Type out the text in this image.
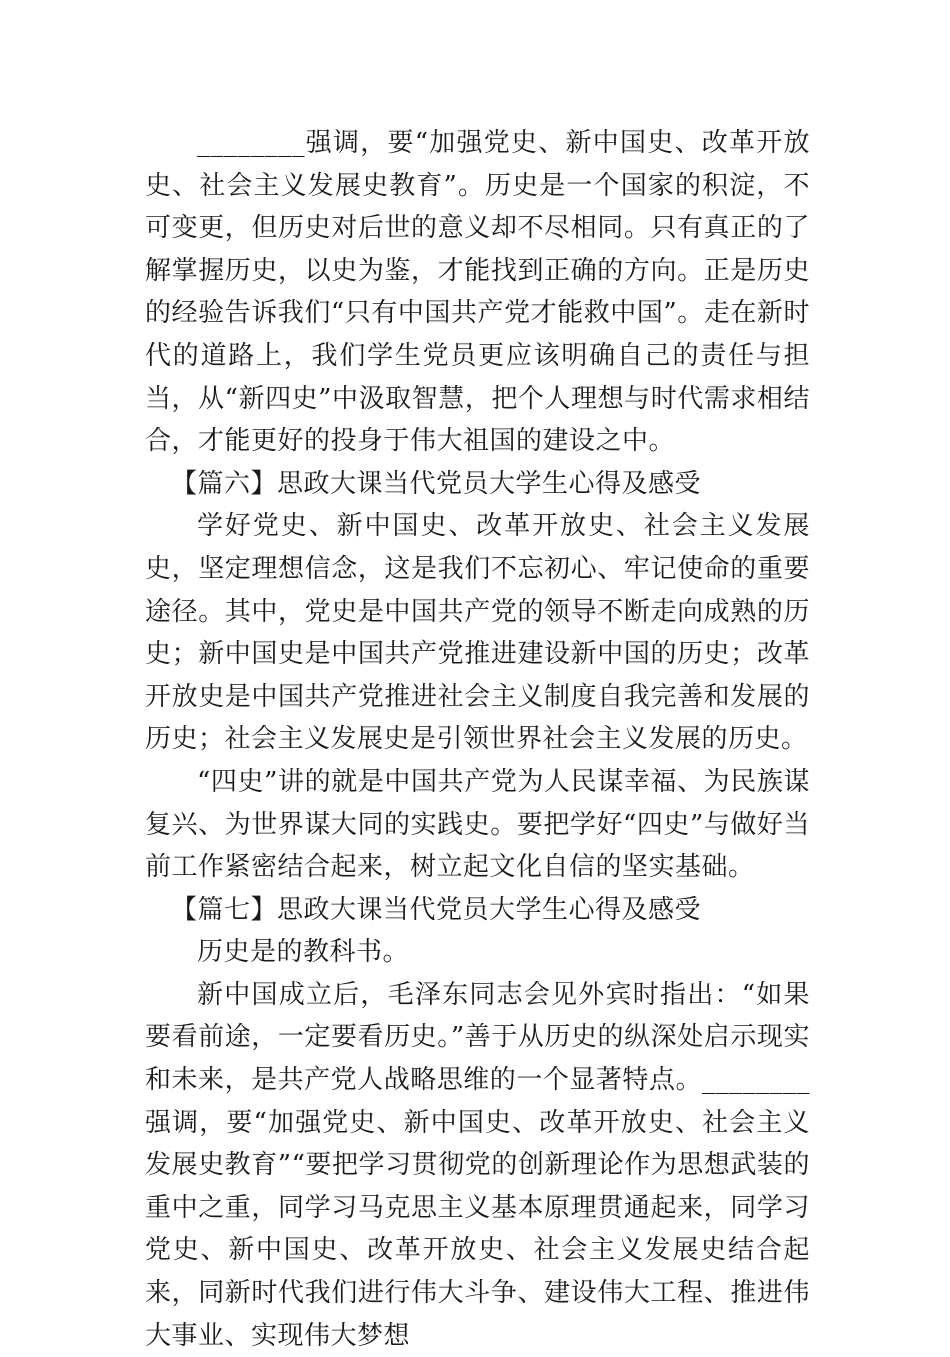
________强调，要“加强党史、新中国史、改革开放史、社会主义发展史教育”。历史是一个国家的积淀，不可变更，但历史对后世的意义却不尽相同。只有真正的了解掌握历史，以史为鉴，才能找到正确的方向。正是历史的经验告诉我们“只有中国共产党才能救中国”。走在新时代的道路上，我们学生党员更应该明确自己的责任与担当，从“新四史”中汲取智慧，把个人理想与时代需求相结合，才能更好的投身于伟大祖国的建设之中。

【篇六】思政大课当代党员大学生心得及感受

学好党史、新中国史、改革开放史、社会主义发展史，坚定理想信念，这是我们不忘初心、牢记使命的重要途径。其中，党史是中国共产党的领导不断走向成熟的历史；新中国史是中国共产党推进建设新中国的历史；改革开放史是中国共产党推进社会主义制度自我完善和发展的历史；社会主义发展史是引领世界社会主义发展的历史。

“四史”讲的就是中国共产党为人民谋幸福、为民族谋复兴、为世界谋大同的实践史。要把学好“四史”与做好当前工作紧密结合起来，树立起文化自信的坚实基础。

【篇七】思政大课当代党员大学生心得及感受

历史是的教科书。

新中国成立后，毛泽东同志会见外宾时指出：“如果要看前途，一定要看历史。”善于从历史的纵深处启示现实和未来，是共产党人战略思维的一个显著特点。________强调，要“加强党史、新中国史、改革开放史、社会主义发展史教育”“要把学习贯彻党的创新理论作为思想武装的重中之重，同学习马克思主义基本原理贯通起来，同学习党史、新中国史、改革开放史、社会主义发展史结合起来，同新时代我们进行伟大斗争、建设伟大工程、推进伟大事业、实现伟大梦想
